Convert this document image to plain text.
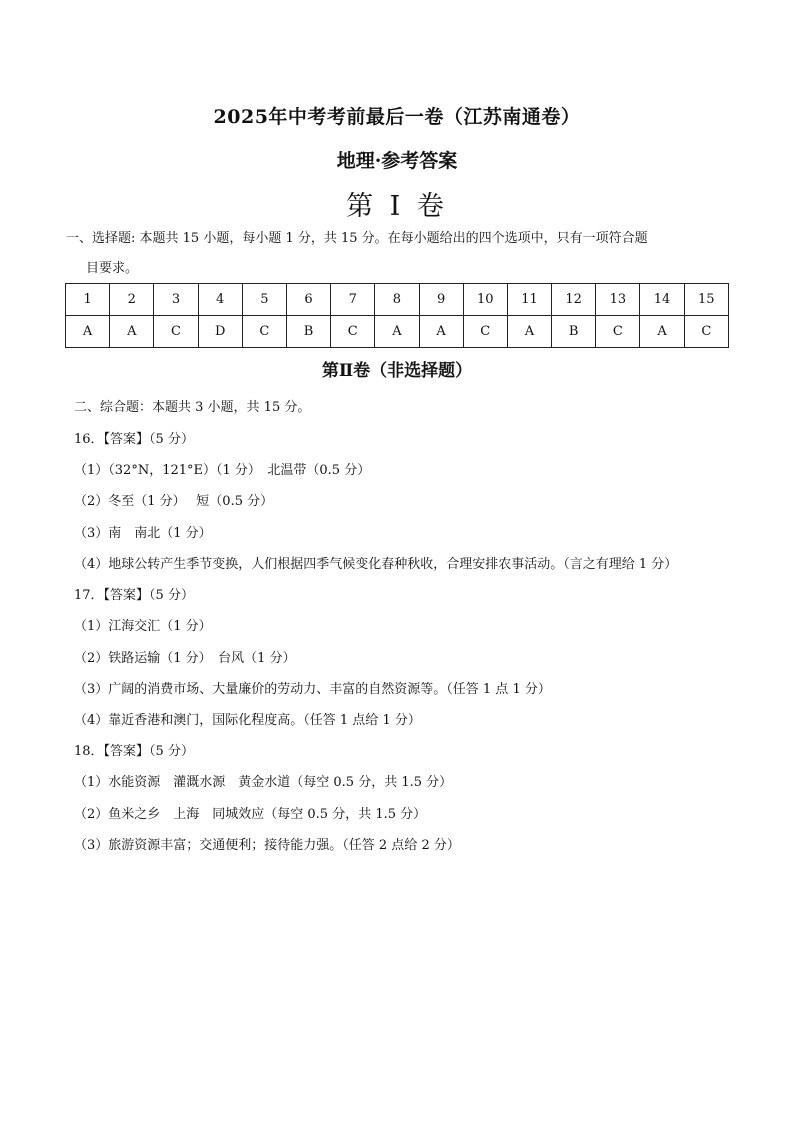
2025年中考考前最后一卷（江苏南通卷）
地理·参考答案
第 I 卷
一、选择题: 本题共 15 小题，每小题 1 分，共 15 分。在每小题给出的四个选项中，只有一项符合题
目要求。
1	2	3	4	5	6	7	8	9	10	11	12	13	14	15
A	A	C	D	C	B	C	A	A	C	A	B	C	A	C
第Ⅱ卷（非选择题）
二、综合题：本题共 3 小题，共 15 分。
16．【答案】（5 分）
（1）（32°N，121°E）（1 分）　北温带（0.5 分）
（2）冬至（1 分）　 短（0.5 分）
（3）南　南北（1 分）
（4）地球公转产生季节变换，人们根据四季气候变化春种秋收，合理安排农事活动。（言之有理给 1 分）
17．【答案】（5 分）
（1）江海交汇（1 分）
（2）铁路运输（1 分）　台风（1 分）
（3）广阔的消费市场、大量廉价的劳动力、丰富的自然资源等。（任答 1 点 1 分）
（4）靠近香港和澳门，国际化程度高。（任答 1 点给 1 分）
18．【答案】（5 分）
（1）水能资源　灌溉水源　黄金水道（每空 0.5 分，共 1.5 分）
（2）鱼米之乡　上海　同城效应（每空 0.5 分，共 1.5 分）
（3）旅游资源丰富；交通便利；接待能力强。（任答 2 点给 2 分）
